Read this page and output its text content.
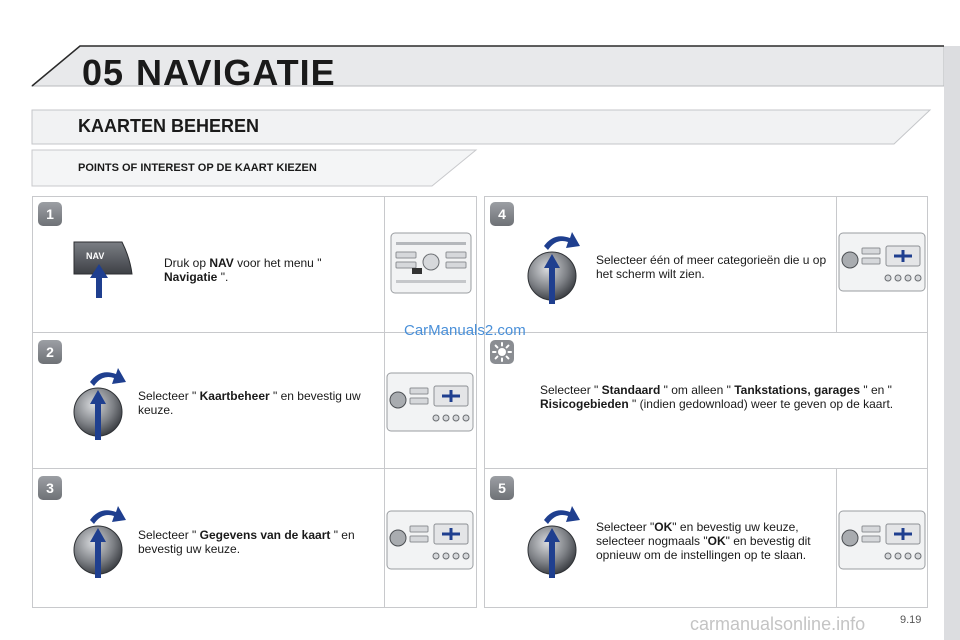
05 NAVIGATIE
KAARTEN BEHEREN
POINTS OF INTEREST OP DE KAART KIEZEN
1
2
3
4
5
NAV	Druk op NAV voor het menu " Navigatie ".
Selecteer " Kaartbeheer " en bevestig uw keuze.
Selecteer " Gegevens van de kaart " en bevestig uw keuze.
Selecteer één of meer categorieën die u op het scherm wilt zien.
Selecteer " Standaard " om alleen " Tankstations, garages " en " Risicogebieden " (indien gedownload) weer te geven op de kaart.
Selecteer "OK" en bevestig uw keuze, selecteer nogmaals "OK" en bevestig dit opnieuw om de instellingen op te slaan.
CarManuals2.com
carmanualsonline.info	9.19
